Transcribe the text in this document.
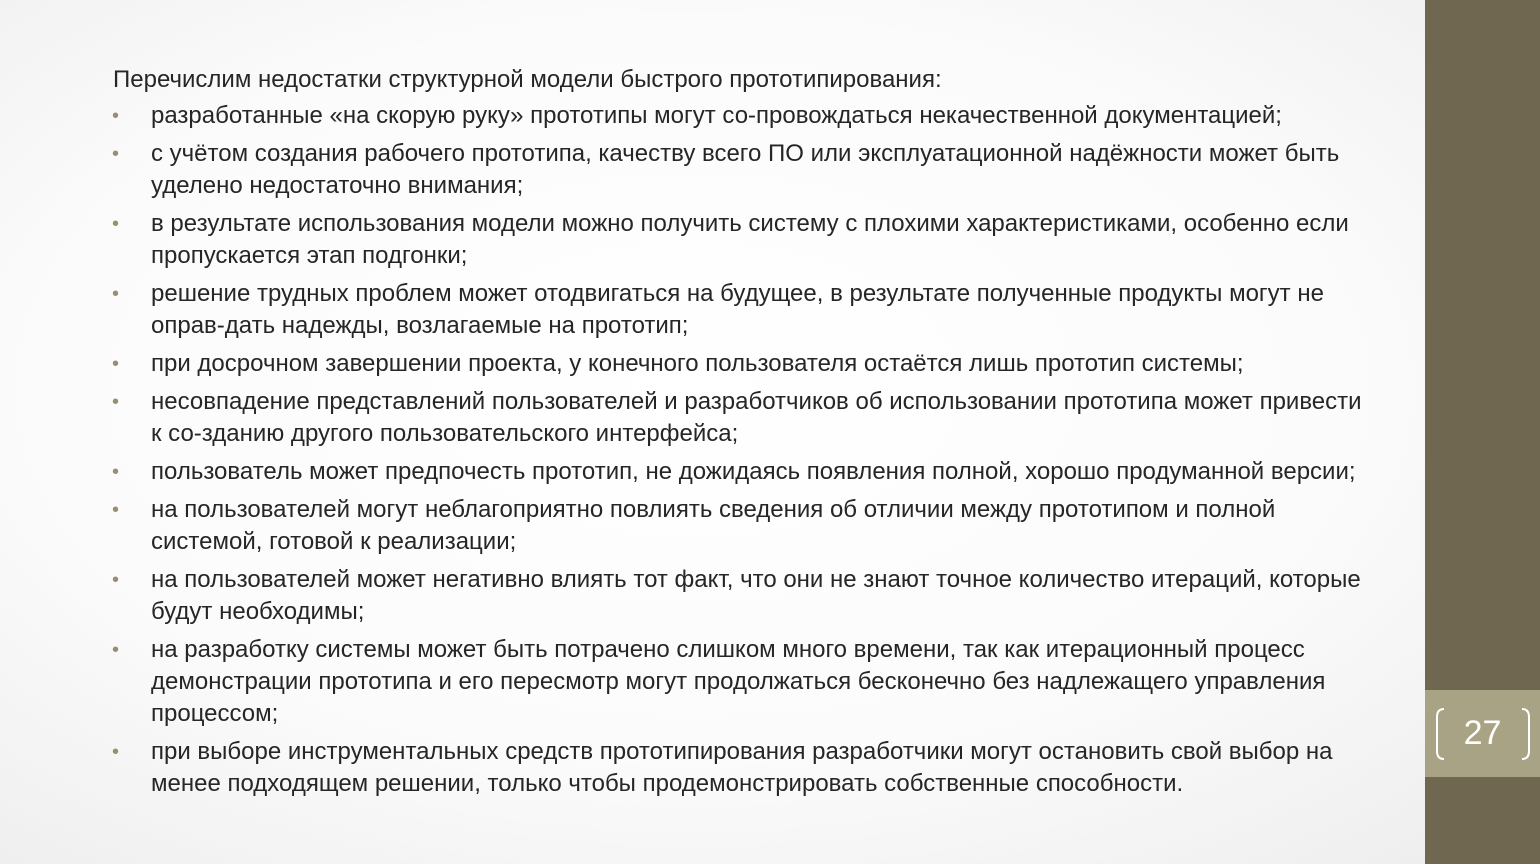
Перечислим недостатки структурной модели быстрого прототипирования:

• разработанные «на скорую руку» прототипы могут со-провождаться некачественной документацией;
• с учётом создания рабочего прототипа, качеству всего ПО или эксплуатационной надёжности может быть уделено недостаточно внимания;
• в результате использования модели можно получить систему с плохими характеристиками, особенно если пропускается этап подгонки;
• решение трудных проблем может отодвигаться на будущее, в результате полученные продукты могут не оправ-дать надежды, возлагаемые на прототип;
• при досрочном завершении проекта, у конечного пользователя остаётся лишь прототип системы;
• несовпадение представлений пользователей и разработчиков об использовании прототипа может привести к со-зданию другого пользовательского интерфейса;
• пользователь может предпочесть прототип, не дожидаясь появления полной, хорошо продуманной версии;
• на пользователей могут неблагоприятно повлиять сведения об отличии между прототипом и полной системой, готовой к реализации;
• на пользователей может негативно влиять тот факт, что они не знают точное количество итераций, которые будут необходимы;
• на разработку системы может быть потрачено слишком много времени, так как итерационный процесс демонстрации прототипа и его пересмотр могут продолжаться бесконечно без надлежащего управления процессом;
• при выборе инструментальных средств прототипирования разработчики могут остановить свой выбор на менее подходящем решении, только чтобы продемонстрировать собственные способности.
27
